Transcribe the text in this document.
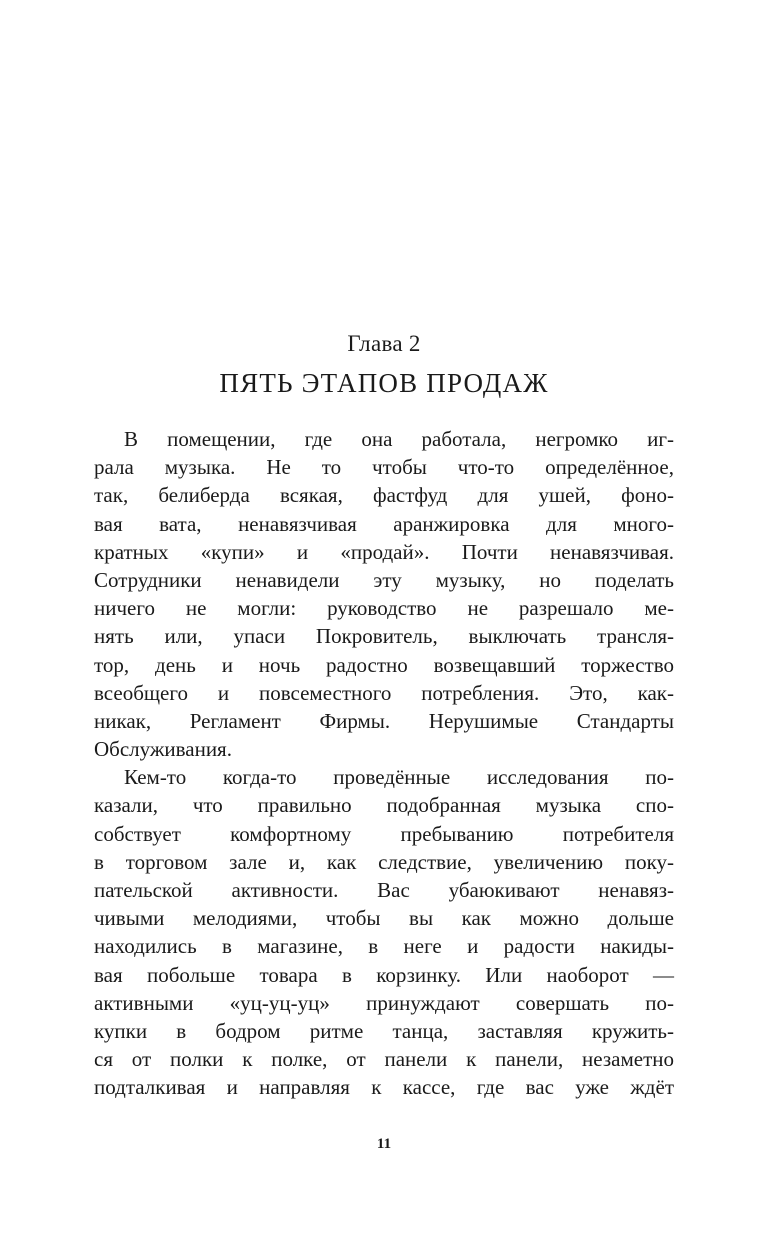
Глава 2
ПЯТЬ ЭТАПОВ ПРОДАЖ
В помещении, где она работала, негромко иг-
рала музыка. Не то чтобы что-то определённое,
так, белиберда всякая, фастфуд для ушей, фоно-
вая вата, ненавязчивая аранжировка для много-
кратных «купи» и «продай». Почти ненавязчивая.
Сотрудники ненавидели эту музыку, но поделать
ничего не могли: руководство не разрешало ме-
нять или, упаси Покровитель, выключать трансля-
тор, день и ночь радостно возвещавший торжество
всеобщего и повсеместного потребления. Это, как-
никак, Регламент Фирмы. Нерушимые Стандарты
Обслуживания.
Кем-то когда-то проведённые исследования по-
казали, что правильно подобранная музыка спо-
собствует комфортному пребыванию потребителя
в торговом зале и, как следствие, увеличению поку-
пательской активности. Вас убаюкивают ненавяз-
чивыми мелодиями, чтобы вы как можно дольше
находились в магазине, в неге и радости накиды-
вая побольше товара в корзинку. Или наоборот —
активными «уц-уц-уц» принуждают совершать по-
купки в бодром ритме танца, заставляя кружить-
ся от полки к полке, от панели к панели, незаметно
подталкивая и направляя к кассе, где вас уже ждёт
11
